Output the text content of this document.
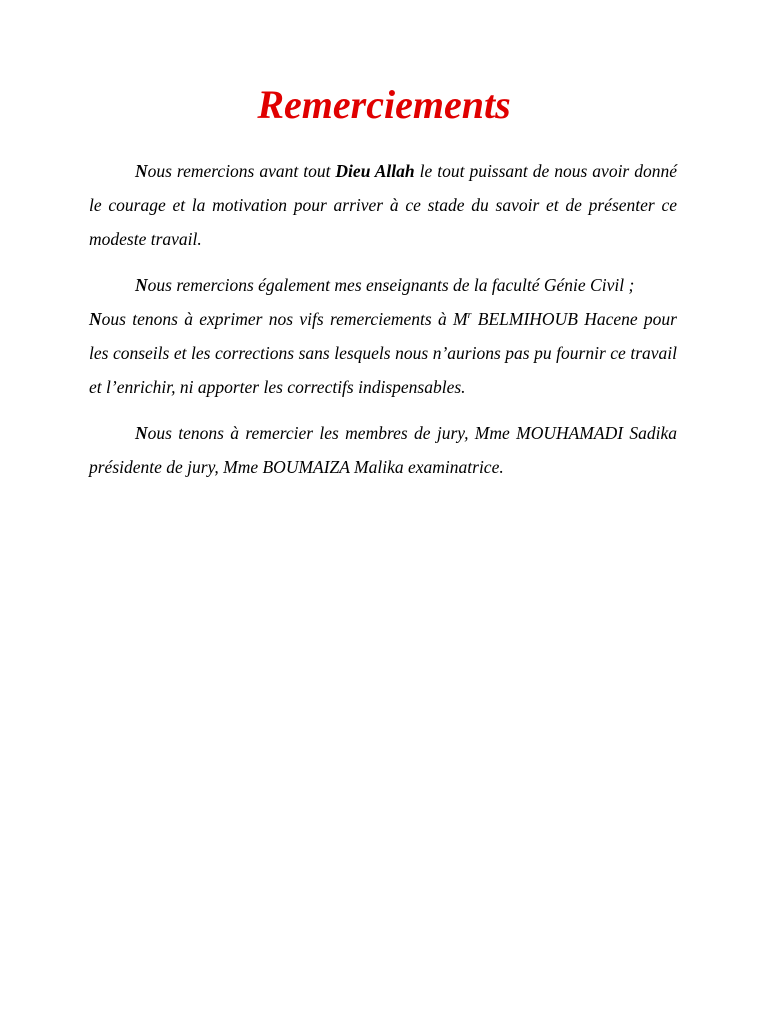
Remerciements

Nous remercions avant tout Dieu Allah le tout puissant de nous avoir donné le courage et la motivation pour arriver à ce stade du savoir et de présenter ce modeste travail.

Nous remercions également mes enseignants de la faculté Génie Civil ;

Nous tenons à exprimer nos vifs remerciements à $M^r$ BELMIHOUB Hacene pour les conseils et les corrections sans lesquels nous n’aurions pas pu fournir ce travail et l’enrichir, ni apporter les correctifs indispensables.

Nous tenons à remercier les membres de jury, Mme MOUHAMADI Sadika présidente de jury, Mme BOUMAIZA Malika examinatrice.
